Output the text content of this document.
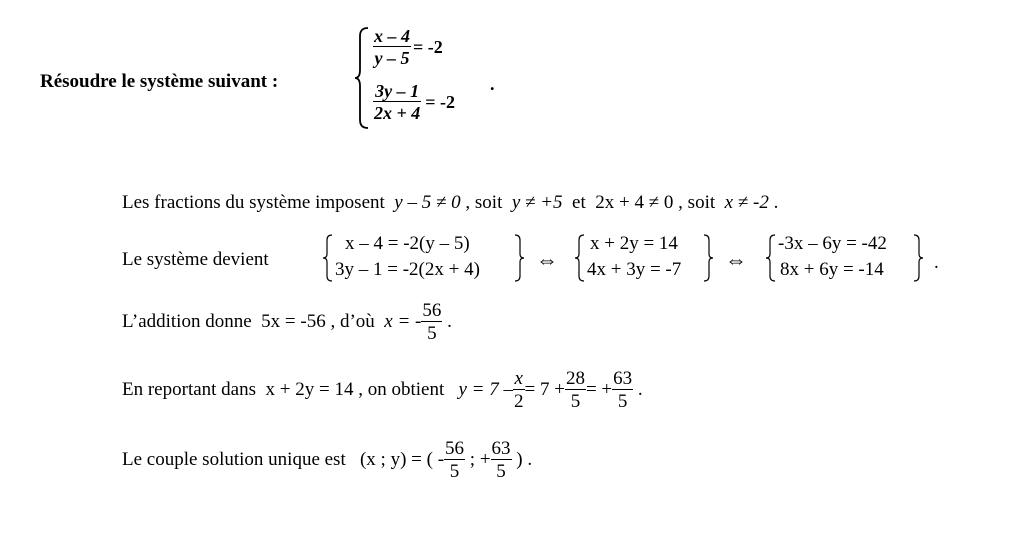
Résoudre le système suivant :
$\frac{x - 4}{y - 5} = -2$
$\frac{3y - 1}{2x + 4} = -2$
.
Les fractions du système imposent y – 5 ≠ 0 , soit y ≠ +5 et 2x + 4 ≠ 0 , soit x ≠ -2 .
Le système devient
x – 4 = -2(y – 5)
3y – 1 = -2(2x + 4)	⇔
x + 2y = 14
4x + 3y = -7 ⇔
-3x – 6y = -42
8x + 6y = -14	.
L’addition donne
5x = -56
, d’où
x = - $\frac{56}{5}$
.
En reportant dans
x + 2y = 14
, on obtient
$y = 7 - \frac{x}{2} = 7 + \frac{28}{5}$ = + $\frac{63}{5}$
.
Le couple solution unique est
(x ; y) = ( - $\frac{56}{5}$
; + $\frac{63}{5}$
) .
